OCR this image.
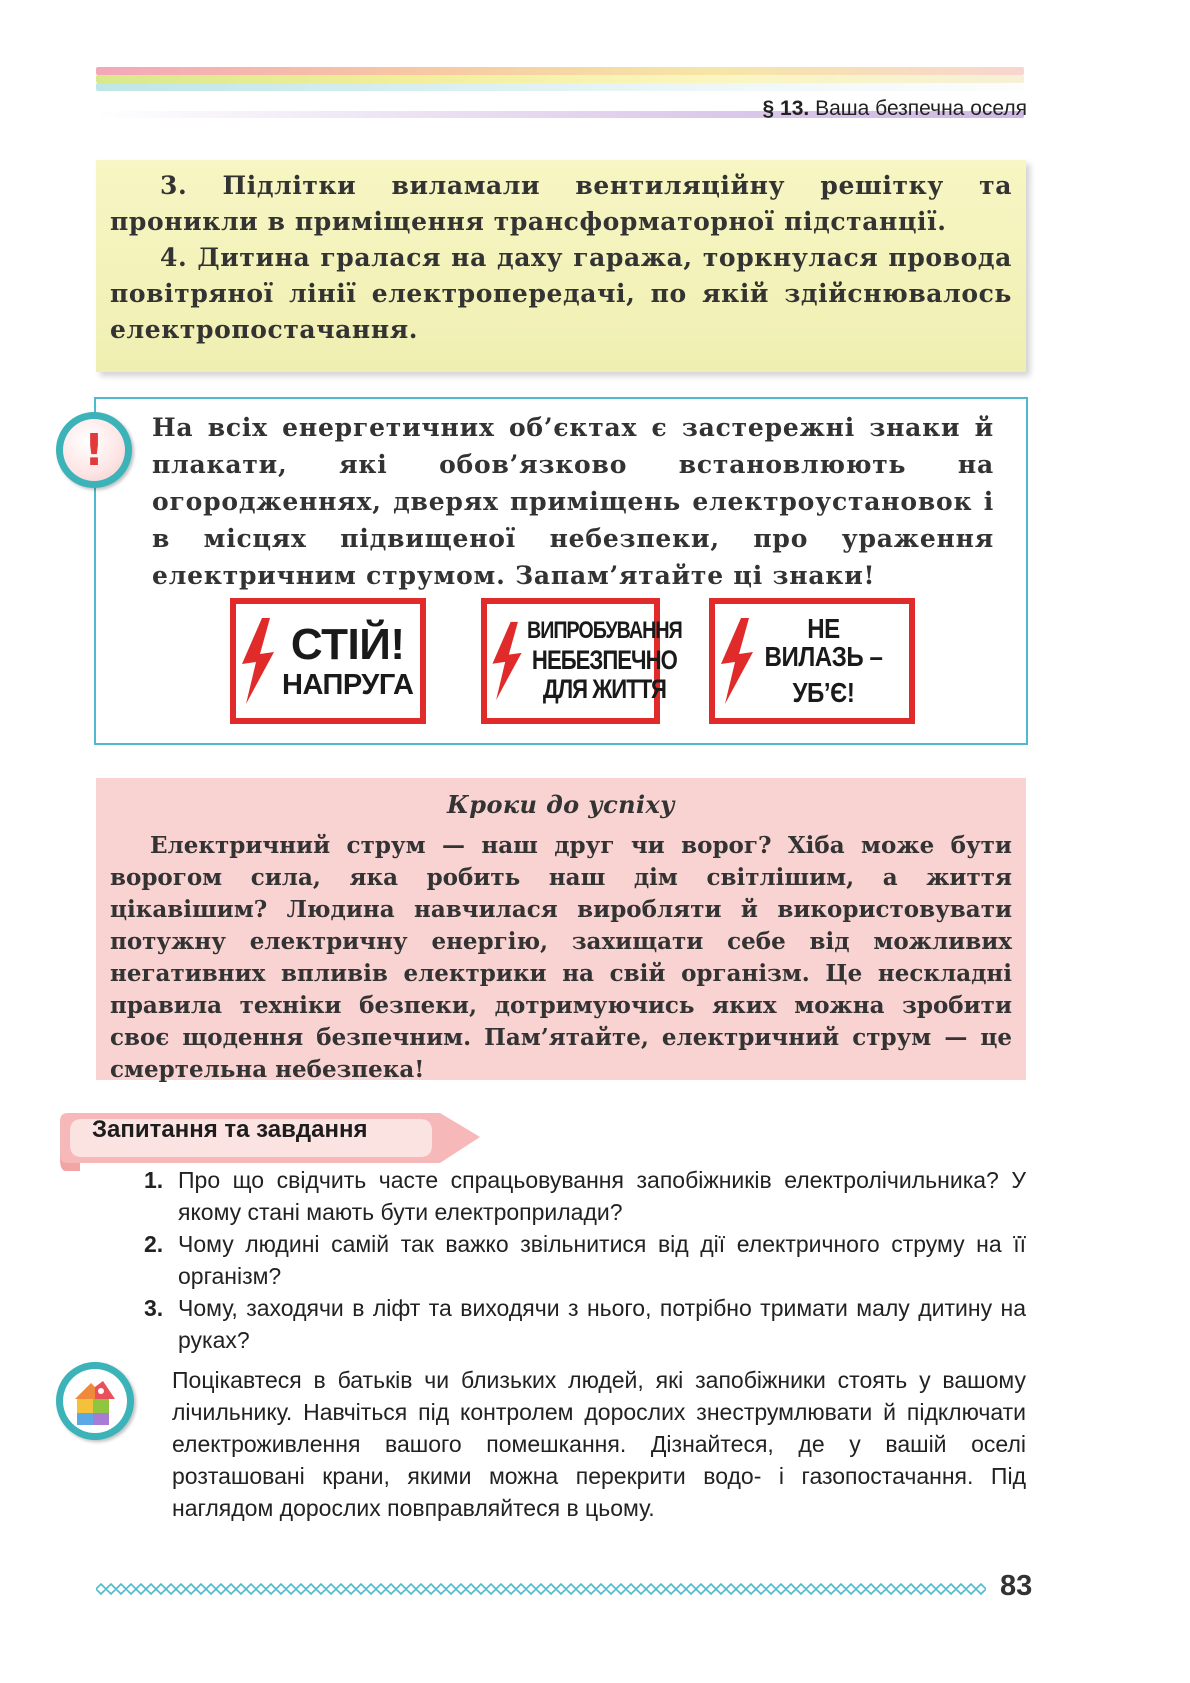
§ 13. Ваша безпечна оселя

3. Підлітки виламали вентиляційну решітку та проникли в приміщення трансформаторної підстанції.

4. Дитина гралася на даху гаража, торкнулася провода повітряної лінії електропередачі, по якій здійснювалось електропостачання.

На всіх енергетичних об’єктах є застережні знаки й плакати, які обов’язково встановлюють на огородженнях, дверях приміщень електроустановок і в місцях підвищеної небезпеки, про ураження електричним струмом. Запам’ятайте ці знаки!
!
СТІЙ!
НАПРУГА
ВИПРОБУВАННЯ
НЕБЕЗПЕЧНО
ДЛЯ ЖИТТЯ
НЕ ВИЛАЗЬ –
УБ’Є!
Кроки до успіху

Електричний струм — наш друг чи ворог? Хіба може бути ворогом сила, яка робить наш дім світлішим, а життя цікавішим? Людина навчилася виробляти й використовувати потужну електричну енергію, захищати себе від можливих негативних впливів електрики на свій організм. Це нескладні правила техніки безпеки, дотримуючись яких можна зробити своє щодення безпечним. Пам’ятайте, електричний струм — це смертельна небезпека!

Запитання та завдання
1. Про що свідчить часте спрацьовування запобіжників електролічильника? У якому стані мають бути електроприлади?
2. Чому людині самій так важко звільнитися від дії електричного струму на її організм?
3. Чому, заходячи в ліфт та виходячи з нього, потрібно тримати малу дитину на руках?

Поцікавтеся в батьків чи близьких людей, які запобіжники стоять у вашому лічильнику. Навчіться під контролем дорослих знеструмлювати й підключати електроживлення вашого помешкання. Дізнайтеся, де у вашій оселі розташовані крани, якими можна перекрити водо- і газопостачання. Під наглядом дорослих повправляйтеся в цьому.

83
